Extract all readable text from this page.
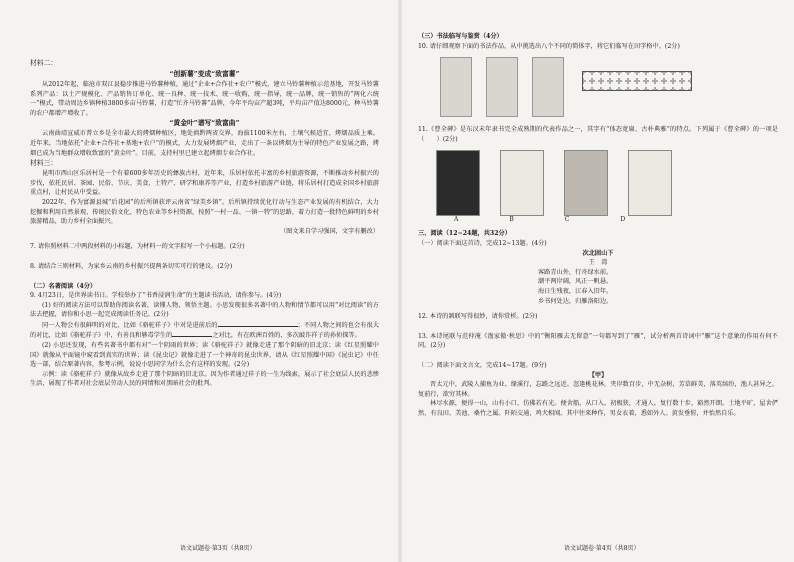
材料二：

“创新薯”变成“致富薯”

从2012年起，临沧市双江县稳步推进马铃薯种植，通过“企业+合作社+农户”模式，建立马铃薯种植示范基地，开发马铃薯系列产品：以土产规模化、产品销售订单化、统一良种、统一技术、统一收购，统一指导，统一品牌，统一销售的“两化六统一”模式，带动周边乡镇种植3800多亩马铃薯，打造“忙齐马铃薯”品牌，今年平均亩产超3吨，平均亩产值达8000元，种马铃薯的农户都增产增收了。

“黄金叶”谱写“致富曲”

云南曲靖宣威市普立乡是全市最大的烤烟种植区，地处滇黔两省交界，海拔1100米左右，土壤气候适宜，烤烟品质上乘。近年来，当地依托“企业+合作社+基地+农户”的模式，大力发展烤烟产业，走出了一条以烤烟为主导的特色产业发展之路，烤烟已成为当地群众增收致富的“黄金叶”。目前，支持村里已建立起烤烟专业合作社。

材料三：

昆明市西山区乐居村是一个有着600多年历史的彝族古村，近年来，乐居村依托丰富的乡村旅游资源，不断推动乡村振兴的步伐，依托民居、茶园、民俗、节庆、美食、土特产、研学和康养等产业，打造乡村旅游产业链，将乐居村打造成全国乡村旅游重点村，让村民从中受益。

2022年，作为富源县城“后花园”的后所镇获评云南省“绿美乡镇”。后所镇持续优化行动与生态产业发展的有机结合，大力挖掘和利用自然景观、传统民俗文化、特色农业等乡村资源，按照“一村一品、一镇一特”的思路，着力打造一批特色鲜明的乡村旅游精品，助力乡村全面振兴。

（图文来自学习强国，文字有删改）

7. 请你照材料二中两段材料的小标题，为材料一的文字拟写一个小标题。(2分)

8. 请结合三则材料，为家乡云南的乡村振兴提两条切实可行的建议。(2分)

（二）名著阅读（4分）

9. 4月23日，是世界读书日。学校举办了“书香浸润生命”的主题读书活动，请你参与。(4分)

(1) 好的阅读方法可以帮助你阅读名著，读懂人物，领悟主题。小思发现很多名著中的人物和情节都可以用“对比阅读”的方法去把握，请你和小思一起完成阅读任务记。(2分)

同一人物会有很鲜明的对比，比如《骆驼祥子》中对是进前后的	；不同人物之间的也会有很大的对比，比如《骆驼祥子》中，有善良和够毒学生的	之对比，有在欧洲百姓的、多次敲诈祥子的孙侦探等。

(2) 小思还发现，有些名著书中都有对“一个阴雨的世界；读《骆驼祥子》就像走进了那个阴暗的旧北京；读《红星照耀中国》就像从平面镜中窥看到真实的世界；读《昆虫记》就像走进了一个神奇的昆虫世界，请从《红星照耀中国》《昆虫记》中任选一部，结合原著内容，参考示例，说说小思同学为什么会有这样的发现。(2分)

示例：读《骆驼祥子》就像从故乡走进了那个阴暗的旧北京。因为作者通过祥子的一生为线索，展示了社会底层人民的悲惨生活，展现了作者对社会底层劳动人民的同情和对黑暗社会的批判。

语文试题卷·第3页（共8页）

（三）书法临写与鉴赏（4分）

10. 请仔细观察下面的书法作品，从中挑选出八个不同的简体字，将它们临写在田字格中。(2分)

11.《曹全碑》是东汉末年隶书完全成熟期的代表作品之一，其字有“体态宽扁、古朴典雅”的特点。下列属于《曹全碑》的一项是（　　）(2分)

A	B	C	D

三、阅读（12~24题，共32分）

（一）阅读下面这首诗，完成12~13题。(4分)

次北固山下

王　湾

客路青山外，行舟绿水前。

潮平两岸阔，风正一帆悬。

海日生残夜，江春入旧年。

乡书何处达，归雁洛阳边。

12. 本诗的颔联写得很妙，请你赏析。(2分)

13. 本诗尾联与范仲淹《渔家傲·秋思》中的“衡阳雁去无留意”一句都写到了“雁”，试分析两首诗词中“雁”这个意象的作用有何不同。(2分)

（二）阅读下面文言文，完成14~17题。(9分)

【甲】

晋太元中，武陵人捕鱼为业。缘溪行，忘路之远近。忽逢桃花林，夹岸数百步，中无杂树，芳草鲜美，落英缤纷，渔人甚异之。复前行，欲穷其林。

林尽水源，便得一山，山有小口，仿佛若有光。便舍船，从口入。初极狭，才通人。复行数十步，豁然开朗。土地平旷，屋舍俨然，有良田、美池、桑竹之属。阡陌交通，鸡犬相闻。其中往来种作，男女衣着，悉如外人。黄发垂髫，并怡然自乐。

语文试题卷·第4页（共8页）
